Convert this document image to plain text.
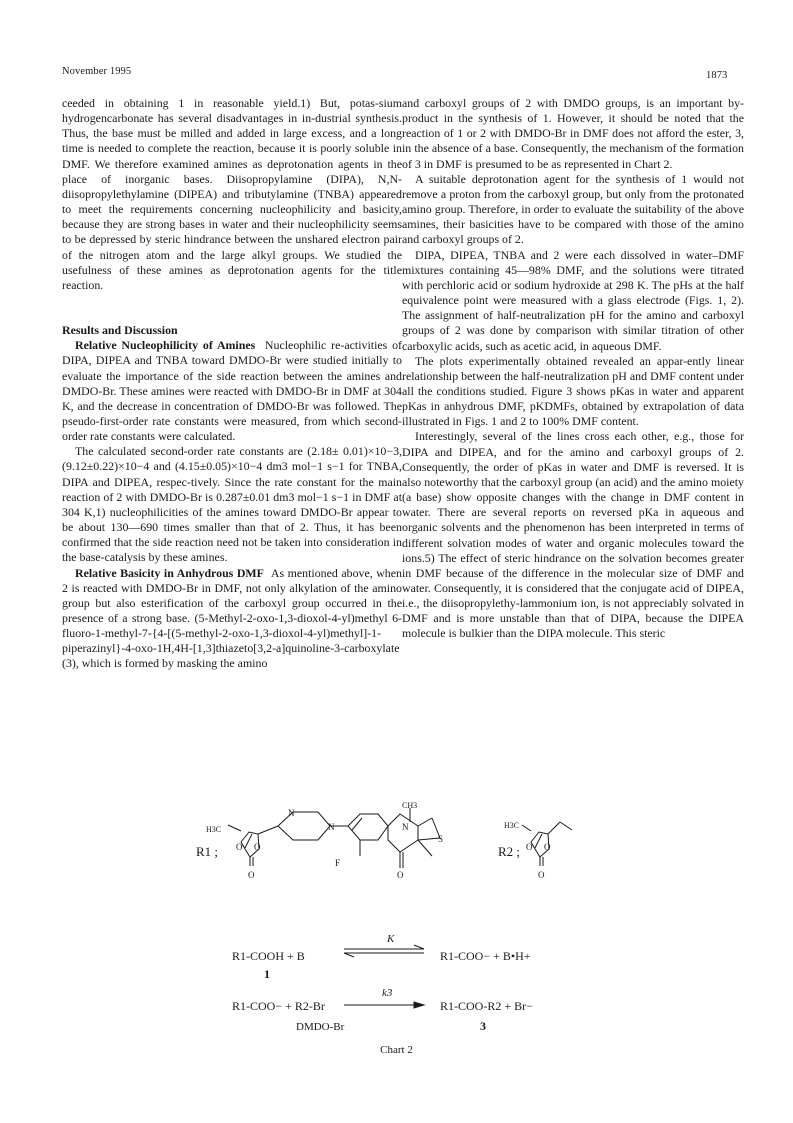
November 1995	1873

ceeded in obtaining 1 in reasonable yield.1) But, potas-sium hydrogencarbonate has several disadvantages in in-dustrial synthesis. Thus, the base must be milled and added in large excess, and a long time is needed to complete the reaction, because it is poorly soluble in DMF. We therefore examined amines as deprotonation agents in the place of inorganic bases. Diisopropylamine (DIPA), N,N-diisopropylethylamine (DIPEA) and tributylamine (TNBA) appeared to meet the requirements concerning nucleophilicity and basicity, because they are strong bases in water and their nucleophilicity seems to be depressed by steric hindrance between the unshared electron pair of the nitrogen atom and the large alkyl groups. We studied the usefulness of these amines as deprotonation agents for the title reaction.

Results and Discussion

Relative Nucleophilicity of Amines Nucleophilic re-activities of DIPA, DIPEA and TNBA toward DMDO-Br were studied initially to evaluate the importance of the side reaction between the amines and DMDO-Br. These amines were reacted with DMDO-Br in DMF at 304 K, and the decrease in concentration of DMDO-Br was followed. The pseudo-first-order rate constants were measured, from which second-order rate constants were calculated.

The calculated second-order rate constants are (2.18± 0.01)×10−3, (9.12±0.22)×10−4 and (4.15±0.05)×10−4 dm3 mol−1 s−1 for TNBA, DIPA and DIPEA, respec-tively. Since the rate constant for the main reaction of 2 with DMDO-Br is 0.287±0.01 dm3 mol−1 s−1 in DMF at 304 K,1) nucleophilicities of the amines toward DMDO-Br appear to be about 130—690 times smaller than that of 2. Thus, it has been confirmed that the side reaction need not be taken into consideration in the base-catalysis by these amines.

Relative Basicity in Anhydrous DMF As mentioned above, when 2 is reacted with DMDO-Br in DMF, not only alkylation of the amino group but also esterification of the carboxyl group occurred in the presence of a strong base. (5-Methyl-2-oxo-1,3-dioxol-4-yl)methyl 6-fluoro-1-methyl-7-{4-[(5-methyl-2-oxo-1,3-dioxol-4-yl)methyl]-1-piperazinyl}-4-oxo-1H,4H-[1,3]thiazeto[3,2-a]quinoline-3-carboxylate (3), which is formed by masking the amino

and carboxyl groups of 2 with DMDO groups, is an important by-product in the synthesis of 1. However, it should be noted that the reaction of 1 or 2 with DMDO-Br in DMF does not afford the ester, 3, in the absence of a base. Consequently, the mechanism of the formation of 3 in DMF is presumed to be as represented in Chart 2.

A suitable deprotonation agent for the synthesis of 1 would not remove a proton from the carboxyl group, but only from the protonated amino group. Therefore, in order to evaluate the suitability of the above amines, their basicities have to be compared with those of the amino and carboxyl groups of 2.

DIPA, DIPEA, TNBA and 2 were each dissolved in water–DMF mixtures containing 45—98% DMF, and the solutions were titrated with perchloric acid or sodium hydroxide at 298 K. The pHs at the half equivalence point were measured with a glass electrode (Figs. 1, 2). The assignment of half-neutralization pH for the amino and carboxyl groups of 2 was done by comparison with similar titration of other carboxylic acids, such as acetic acid, in aqueous DMF.

The plots experimentally obtained revealed an appar-ently linear relationship between the half-neutralization pH and DMF content under all the conditions studied. Figure 3 shows pKas in water and apparent pKas in anhydrous DMF, pKDMFs, obtained by extrapolation of data illustrated in Figs. 1 and 2 to 100% DMF content.

Interestingly, several of the lines cross each other, e.g., those for DIPA and DIPEA, and for the amino and carboxyl groups of 2. Consequently, the order of pKas in water and DMF is reversed. It is also noteworthy that the carboxyl group (an acid) and the amino moiety (a base) show opposite changes with the change in DMF content in water. There are several reports on reversed pKa in aqueous and organic solvents and the phenomenon has been interpreted in terms of different solvation modes of water and organic molecules toward the ions.5) The effect of steric hindrance on the solvation becomes greater in DMF because of the difference in the molecular size of DMF and water. Consequently, it is considered that the conjugate acid of DIPEA, i.e., the diisopropylethy-lammonium ion, is not appreciably solvated in DMF and is more unstable than that of DIPA, because the DIPEA molecule is bulkier than the DIPA molecule. This steric

R1 ;
H3C
O O
O
N
N	N
S
CH3
F
O
R2 ;
H3C
O O
O
R1-COOH + B
K
R1-COO− + B•H+
1
R1-COO− + R2-Br
k3
R1-COO-R2 + Br−
DMDO-Br	3
Chart 2
